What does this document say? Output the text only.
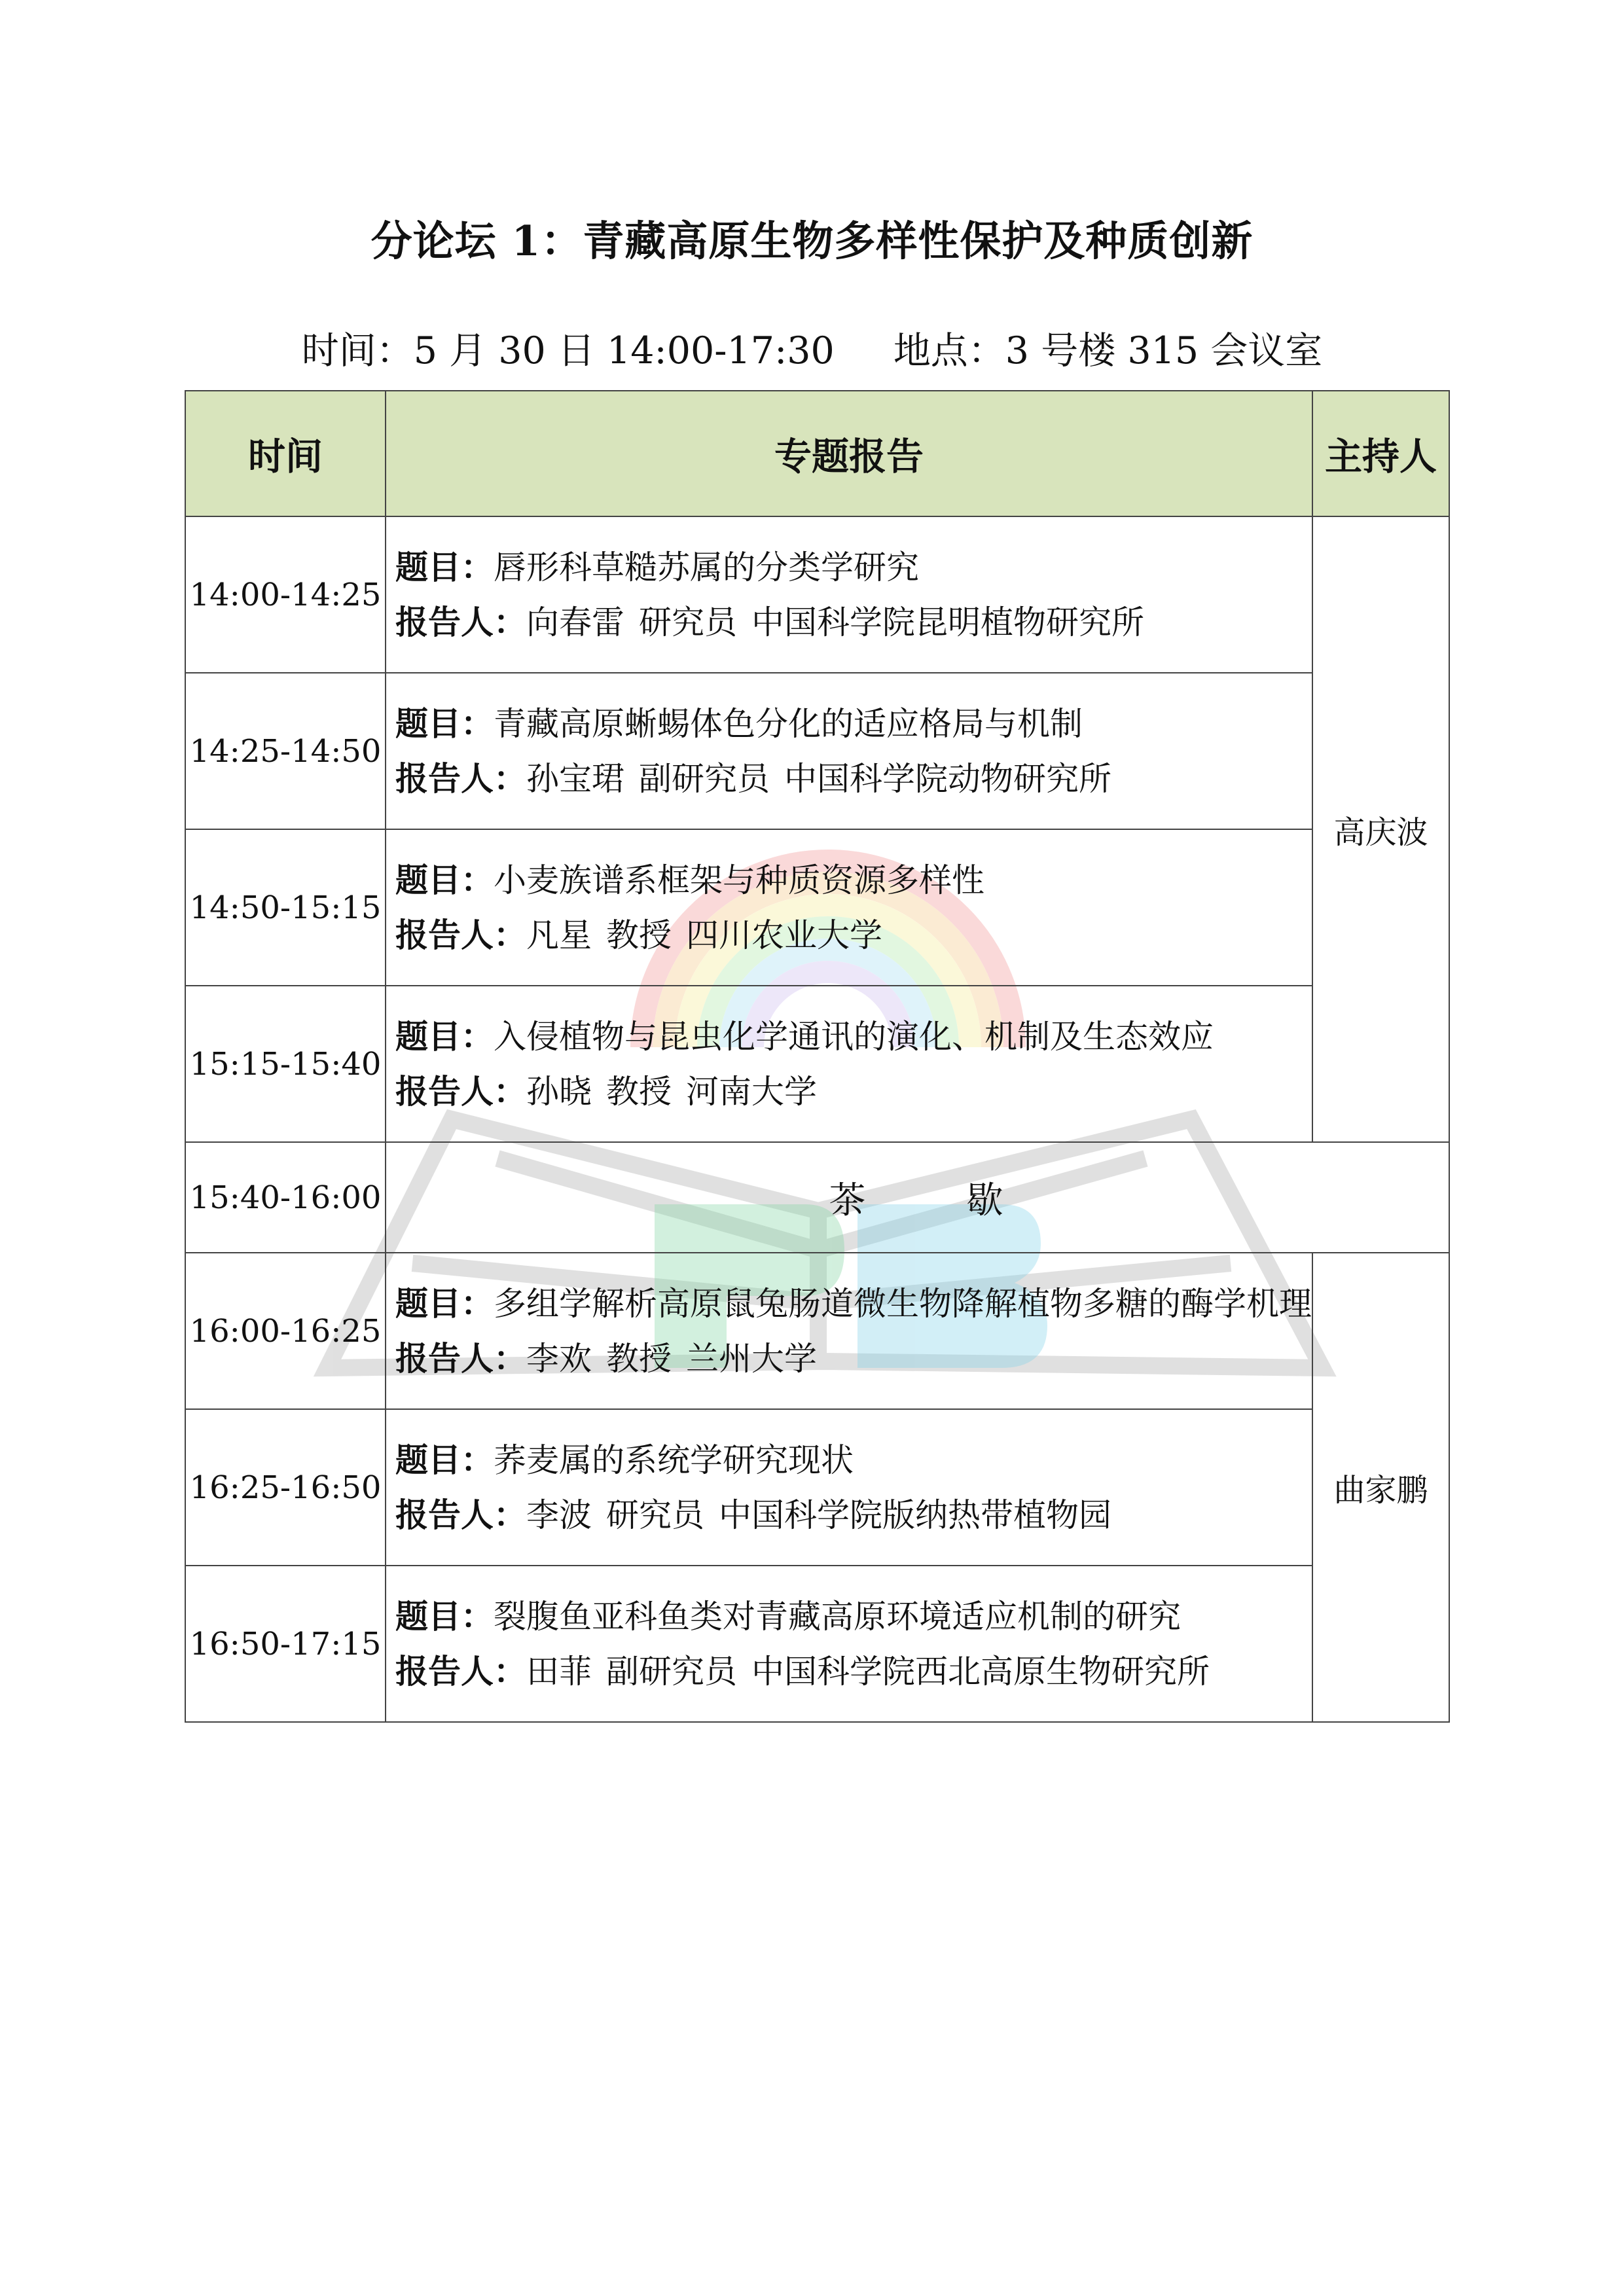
分论坛 1：青藏高原生物多样性保护及种质创新
时间：5 月 30 日 14:00-17:30 地点：3 号楼 315 会议室
时间	专题报告	主持人
14:00-14:25	题目：唇形科草糙苏属的分类学研究
报告人：向春雷 研究员 中国科学院昆明植物研究所	高庆波
14:25-14:50	题目：青藏高原蜥蜴体色分化的适应格局与机制
报告人：孙宝珺 副研究员 中国科学院动物研究所	

14:50-15:15	题目：小麦族谱系框架与种质资源多样性
报告人：凡星 教授 四川农业大学	

15:15-15:40	题目：入侵植物与昆虫化学通讯的演化、机制及生态效应
报告人：孙晓 教授 河南大学	

15:40-16:00	茶 歇	
16:00-16:25	题目：多组学解析高原鼠兔肠道微生物降解植物多糖的酶学机理
报告人：李欢 教授 兰州大学	曲家鹏
16:25-16:50	题目：荞麦属的系统学研究现状
报告人：李波 研究员 中国科学院版纳热带植物园	

16:50-17:15	题目：裂腹鱼亚科鱼类对青藏高原环境适应机制的研究
报告人：田菲 副研究员 中国科学院西北高原生物研究所	
